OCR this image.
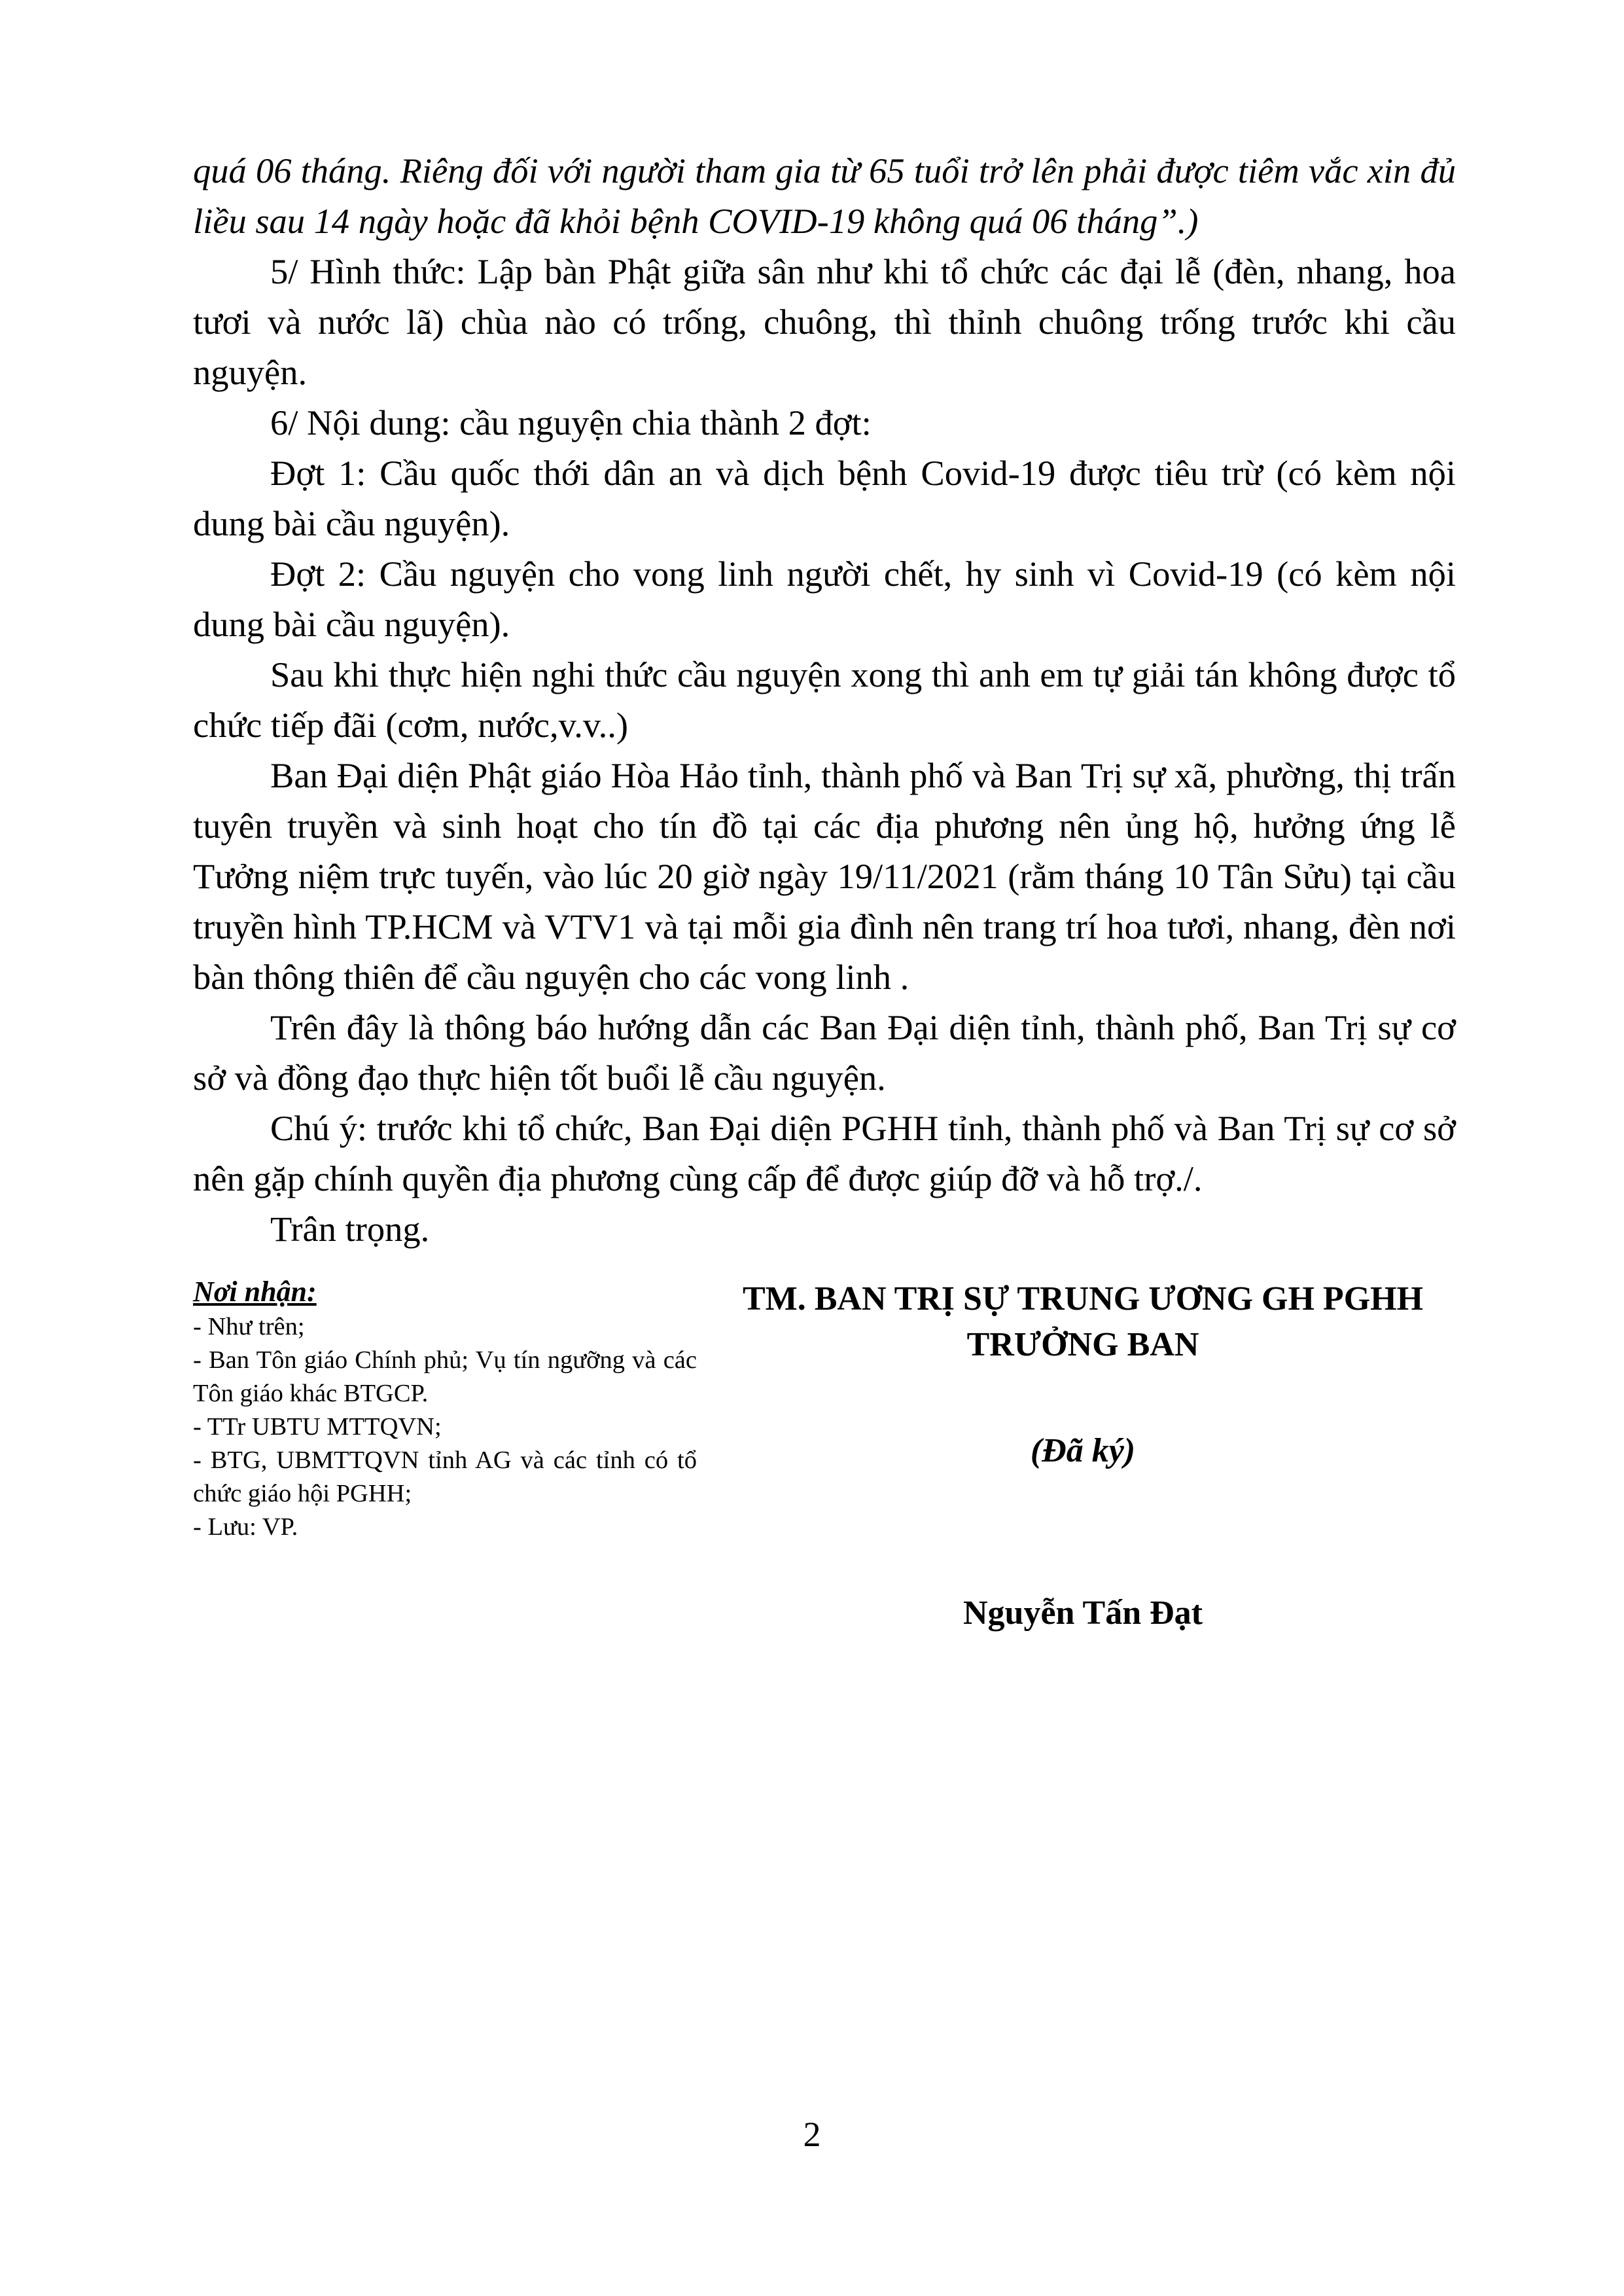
quá 06 tháng. Riêng đối với người tham gia từ 65 tuổi trở lên phải được tiêm vắc xin đủ liều sau 14 ngày hoặc đã khỏi bệnh COVID-19 không quá 06 tháng”.)

5/ Hình thức: Lập bàn Phật giữa sân như khi tổ chức các đại lễ (đèn, nhang, hoa tươi và nước lã) chùa nào có trống, chuông, thì thỉnh chuông trống trước khi cầu nguyện.

6/ Nội dung: cầu nguyện chia thành 2 đợt:

Đợt 1: Cầu quốc thới dân an và dịch bệnh Covid-19 được tiêu trừ (có kèm nội dung bài cầu nguyện).

Đợt 2: Cầu nguyện cho vong linh người chết, hy sinh vì Covid-19 (có kèm nội dung bài cầu nguyện).

Sau khi thực hiện nghi thức cầu nguyện xong thì anh em tự giải tán không được tổ chức tiếp đãi (cơm, nước,v.v..)

Ban Đại diện Phật giáo Hòa Hảo tỉnh, thành phố và Ban Trị sự xã, phường, thị trấn tuyên truyền và sinh hoạt cho tín đồ tại các địa phương nên ủng hộ, hưởng ứng lễ Tưởng niệm trực tuyến, vào lúc 20 giờ ngày 19/11/2021 (rằm tháng 10 Tân Sửu) tại cầu truyền hình TP.HCM và VTV1 và tại mỗi gia đình nên trang trí hoa tươi, nhang, đèn nơi bàn thông thiên để cầu nguyện cho các vong linh .

Trên đây là thông báo hướng dẫn các Ban Đại diện tỉnh, thành phố, Ban Trị sự cơ sở và đồng đạo thực hiện tốt buổi lễ cầu nguyện.

Chú ý: trước khi tổ chức, Ban Đại diện PGHH tỉnh, thành phố và Ban Trị sự cơ sở nên gặp chính quyền địa phương cùng cấp để được giúp đỡ và hỗ trợ./.

Trân trọng.

Nơi nhận:
- Như trên;
- Ban Tôn giáo Chính phủ; Vụ tín ngưỡng và các Tôn giáo khác BTGCP.
- TTr UBTU MTTQVN;
- BTG, UBMTTQVN tỉnh AG và các tỉnh có tổ chức giáo hội PGHH;
- Lưu: VP.
TM. BAN TRỊ SỰ TRUNG ƯƠNG GH PGHH
TRƯỞNG BAN
(Đã ký)
Nguyễn Tấn Đạt
2
